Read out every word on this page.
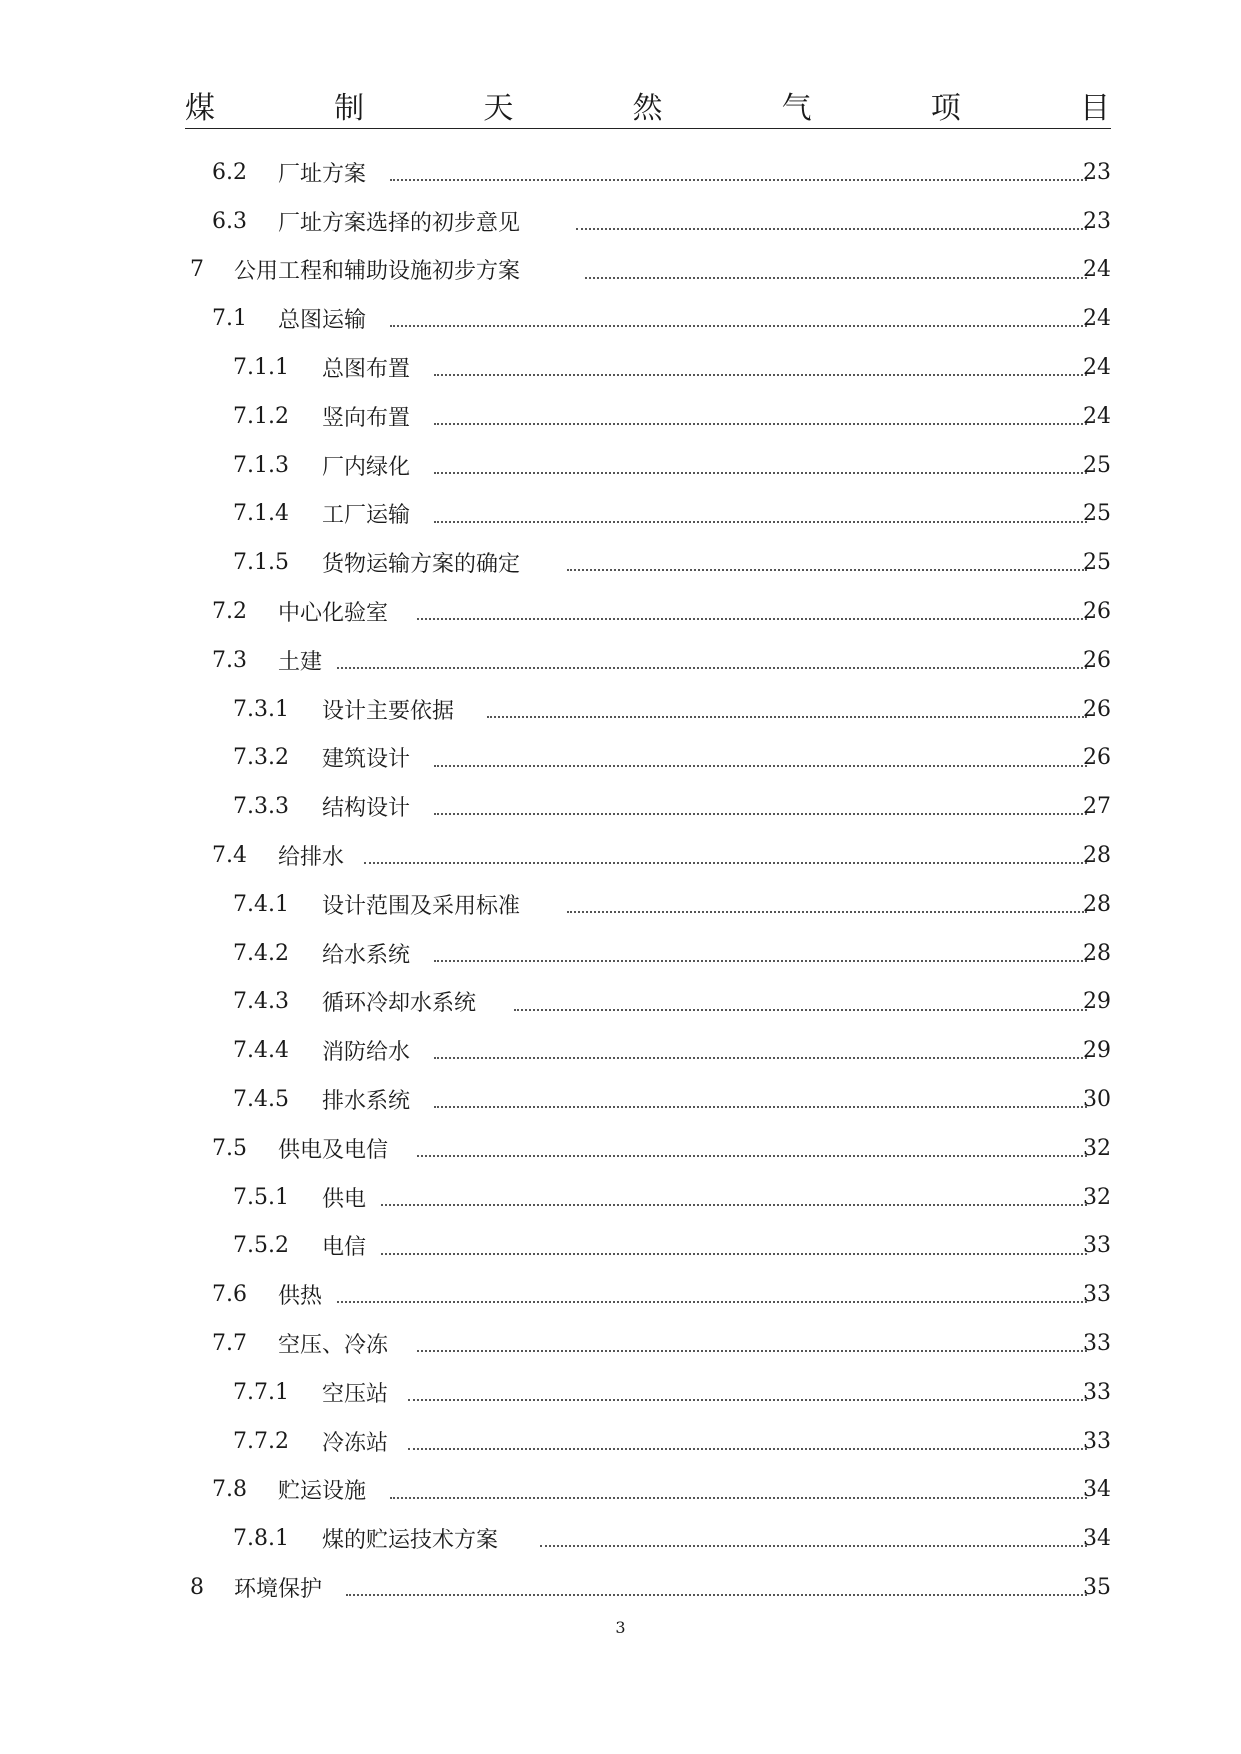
煤	制	天	然	气	项	目
6.2 厂址方案	23
6.3 厂址方案选择的初步意见	23
7 公用工程和辅助设施初步方案	24
7.1 总图运输	24
7.1.1 总图布置	24
7.1.2 竖向布置	24
7.1.3 厂内绿化	25
7.1.4 工厂运输	25
7.1.5 货物运输方案的确定	25
7.2 中心化验室	26
7.3 土建	26
7.3.1 设计主要依据	26
7.3.2 建筑设计	26
7.3.3 结构设计	27
7.4 给排水	28
7.4.1 设计范围及采用标准	28
7.4.2 给水系统	28
7.4.3 循环冷却水系统	29
7.4.4 消防给水	29
7.4.5 排水系统	30
7.5 供电及电信	32
7.5.1 供电	32
7.5.2 电信	33
7.6 供热	33
7.7 空压、冷冻	33
7.7.1 空压站	33
7.7.2 冷冻站	33
7.8 贮运设施	34
7.8.1 煤的贮运技术方案	34
8 环境保护	35
3
